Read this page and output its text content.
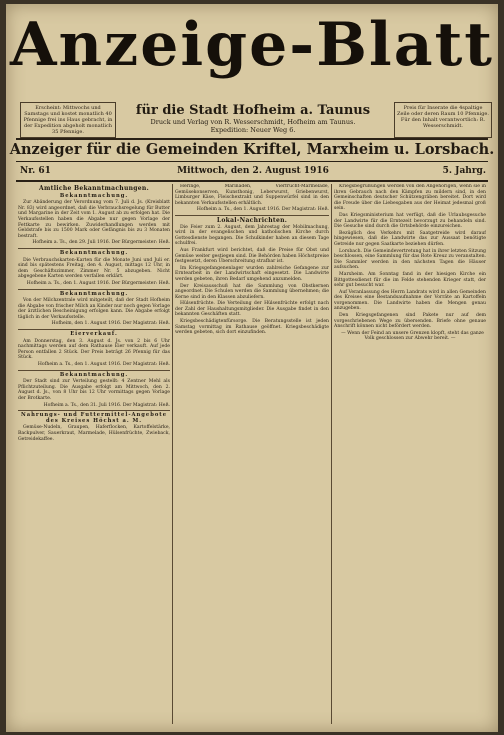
Anzeige-Blatt
Erscheint: Mittwochs und Samstags und kostet monatlich 40 Pfennige frei ins Haus gebracht, in der Expedition abgeholt monatlich 35 Pfennige.
für die Stadt Hofheim a. Taunus
Druck und Verlag von R. Wesserschmidt, Hofheim am Taunus.
Expedition: Neuer Weg 6.
Preis für Inserate die 4spaltige Zeile oder deren Raum 10 Pfennige. Für den Inhalt verantwortlich: R. Wesserschmidt.
Anzeiger für die Gemeinden Kriftel, Marxheim u. Lorsbach.
Nr. 61	Mittwoch, den 2. August 1916	5. Jahrg.
Amtliche Bekanntmachungen.
Bekanntmachung.

Zur Abänderung der Verordnung vom 7. Juli d. Js. (Kreisblatt Nr. 83) wird angeordnet, daß die Verbrauchsregelung für Butter und Margarine in der Zeit vom 1. August ab zu erfolgen hat. Die Verkaufsstellen haben die Abgabe nur gegen Vorlage der Fettkarte zu bewirken. Zuwiderhandlungen werden mit Geldstrafe bis zu 1500 Mark oder Gefängnis bis zu 3 Monaten bestraft.

Hofheim a. Ts., den 29. Juli 1916. Der Bürgermeister: Heß.
Bekanntmachung.

Die Verbrauchskarten-Karten für die Monate Juni und Juli er. sind bis spätestens Freitag, den 4. August, mittags 12 Uhr, in dem Geschäftszimmer, Zimmer Nr. 5 abzugeben. Nicht abgegebene Karten werden verfallen erklärt.

Hofheim a. Ts., den 1. August 1916. Der Bürgermeister: Heß.
Bekanntmachung.

Von der Milchzentrale wird mitgeteilt, daß der Stadt Hofheim die Abgabe von frischer Milch an Kinder nur noch gegen Vorlage der ärztlichen Bescheinigung erfolgen kann. Die Abgabe erfolgt täglich in der Verkaufsstelle.

Hofheim, den 1. August 1916. Der Magistrat: Heß.
Eierverkauf.

Am Donnerstag, den 3. August d. Js. von 2 bis 6 Uhr nachmittags werden auf dem Rathause Eier verkauft. Auf jede Person entfallen 2 Stück. Der Preis beträgt 26 Pfennig für das Stück.

Hofheim a. Ts., den 1. August 1916. Der Magistrat: Heß.
Bekanntmachung.

Der Stadt sind zur Verteilung gestellt: 4 Zentner Mehl als Pflichtzuteilung. Die Ausgabe erfolgt am Mittwoch, den 2. August d. Js., von 8 Uhr bis 12 Uhr vormittags gegen Vorlage der Brotkarte.

Hofheim a. Ts., den 31. Juli 1916. Der Magistrat: Heß.
Nahrungs- und Futtermittel-Angebote des Kreises Höchst a. M.

Gemüse-Nudeln, Graupen, Haferflocken, Kartoffelstärke, Backpulver, Sauerkraut, Marmelade, Hülsenfrüchte, Zwieback, Getreidekaffee.

Heringe, Marinaden, Vierfrucht-Marmelade, Gemüsekonserven, Kunsthonig, Leberwurst, Griebenwurst, Limburger Käse, Fleischextrakt und Suppenwürfel sind in den bekannten Verkaufsstellen erhältlich.

Hofheim a. Ts., den 1. August 1916. Der Magistrat: Heß.
Lokal-Nachrichten.

Die Feier zum 2. August, dem Jahrestag der Mobilmachung, wird in der evangelischen und katholischen Kirche durch Gottesdienste begangen. Die Schulkinder haben an diesem Tage schulfrei.

Aus Frankfurt wird berichtet, daß die Preise für Obst und Gemüse weiter gestiegen sind. Die Behörden haben Höchstpreise festgesetzt, deren Überschreitung strafbar ist.

Im Kriegsgefangenenlager wurden zahlreiche Gefangene zur Erntearbeit in der Landwirtschaft eingesetzt. Die Landwirte werden gebeten, ihren Bedarf umgehend anzumelden.

Der Kreisausschuß hat die Sammlung von Obstkernen angeordnet. Die Schulen werden die Sammlung übernehmen; die Kerne sind in den Klassen abzuliefern.

Hülsenfrüchte. Die Verteilung der Hülsenfrüchte erfolgt nach der Zahl der Haushaltungsmitglieder. Die Ausgabe findet in den bekannten Geschäften statt.

Kriegsbeschädigtenfürsorge. Die Beratungsstelle ist jeden Samstag vormittag im Rathause geöffnet. Kriegsbeschädigte werden gebeten, sich dort einzufinden.

Kriegsbegrüßungen werden von den Angehörigen, wenn sie in ihren Gebrauch nach den Kämpfen zu mildern sind, in den Gemeinschaften deutscher Schützengräben bereitet. Dort wird die Freude über die Liebesgaben aus der Heimat jedesmal groß sein.

Das Kriegsministerium hat verfügt, daß die Urlaubsgesuche der Landwirte für die Erntezeit bevorzugt zu behandeln sind. Die Gesuche sind durch die Ortsbehörde einzureichen.

Bezüglich des Verkehrs mit Saatgetreide wird darauf hingewiesen, daß die Landwirte das zur Aussaat benötigte Getreide nur gegen Saatkarte beziehen dürfen.

Lorsbach. Die Gemeindevertretung hat in ihrer letzten Sitzung beschlossen, eine Sammlung für das Rote Kreuz zu veranstalten. Die Sammler werden in den nächsten Tagen die Häuser aufsuchen.

Marxheim. Am Sonntag fand in der hiesigen Kirche ein Bittgottesdienst für die im Felde stehenden Krieger statt, der sehr gut besucht war.

Auf Veranlassung des Herrn Landrats wird in allen Gemeinden des Kreises eine Bestandsaufnahme der Vorräte an Kartoffeln vorgenommen. Die Landwirte haben die Mengen genau anzugeben.

Den Kriegsgefangenen sind Pakete nur auf dem vorgeschriebenen Wege zu übersenden. Briefe ohne genaue Anschrift können nicht befördert werden.

— Wenn der Feind an unsere Grenzen klopft, steht das ganze Volk geschlossen zur Abwehr bereit. —
